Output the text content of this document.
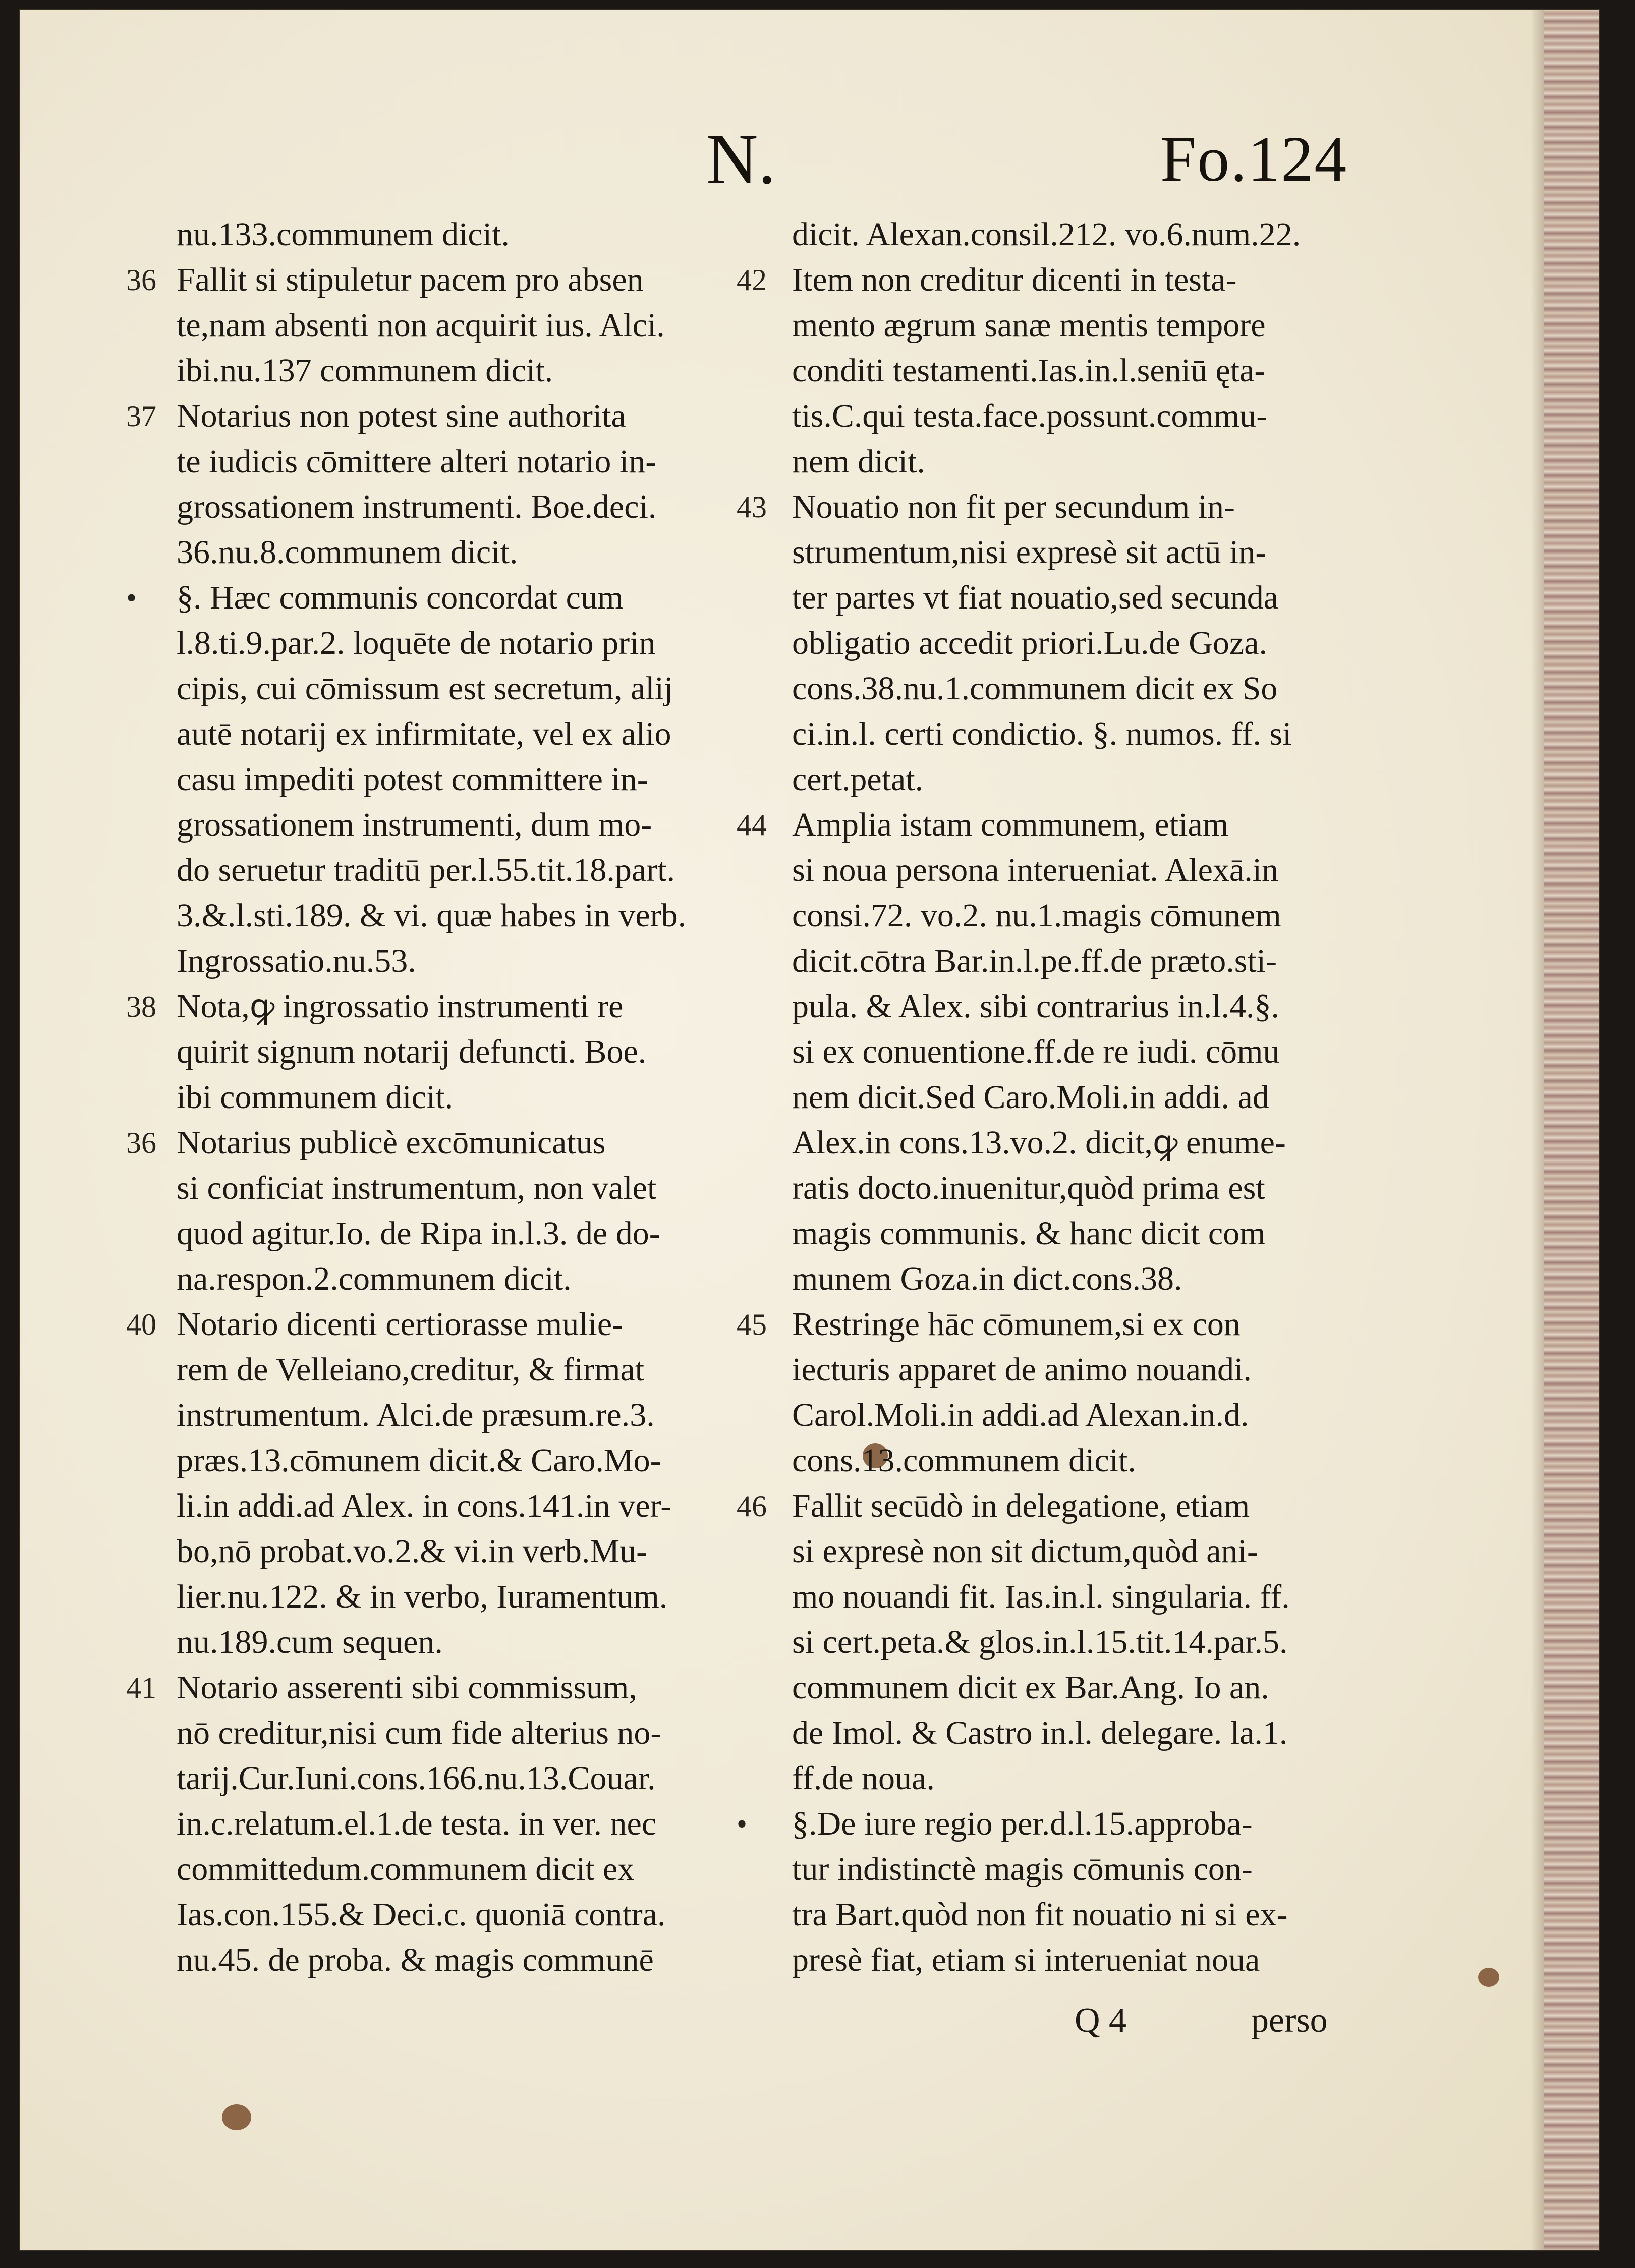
N.	Fo.124
nu.133.communem dicit.
36 Fallit si stipuletur pacem pro absen
te,nam absenti non acquirit ius. Alci.
ibi.nu.137 communem dicit.
37 Notarius non potest sine authorita
te iudicis cōmittere alteri notario in-
grossationem instrumenti. Boe.deci.
36.nu.8.communem dicit.
•	§. Hæc communis concordat cum
l.8.ti.9.par.2. loquēte de notario prin
cipis, cui cōmissum est secretum, alij
autē notarij ex infirmitate, vel ex alio
casu impediti potest committere in-
grossationem instrumenti, dum mo-
do seruetur traditū per.l.55.tit.18.part.
3.&.l.sti.189. & vi. quæ habes in verb.
Ingrossatio.nu.53.
38 Nota,ꝙ ingrossatio instrumenti re
quirit signum notarij defuncti. Boe.
ibi communem dicit.
36 Notarius publicè excōmunicatus
si conficiat instrumentum, non valet
quod agitur.Io. de Ripa in.l.3. de do-
na.respon.2.communem dicit.
40 Notario dicenti certiorasse mulie-
rem de Velleiano,creditur, & firmat
instrumentum. Alci.de præsum.re.3.
præs.13.cōmunem dicit.& Caro.Mo-
li.in addi.ad Alex. in cons.141.in ver-
bo,nō probat.vo.2.& vi.in verb.Mu-
lier.nu.122. & in verbo, Iuramentum.
nu.189.cum sequen.
41 Notario asserenti sibi commissum,
nō creditur,nisi cum fide alterius no-
tarij.Cur.Iuni.cons.166.nu.13.Couar.
in.c.relatum.el.1.de testa. in ver. nec
committedum.communem dicit ex
Ias.con.155.& Deci.c. quoniā contra.
nu.45. de proba. & magis communē
dicit. Alexan.consil.212. vo.6.num.22.
42 Item non creditur dicenti in testa-
mento ægrum sanæ mentis tempore
conditi testamenti.Ias.in.l.seniū ęta-
tis.C.qui testa.face.possunt.commu-
nem dicit.
43 Nouatio non fit per secundum in-
strumentum,nisi expresè sit actū in-
ter partes vt fiat nouatio,sed secunda
obligatio accedit priori.Lu.de Goza.
cons.38.nu.1.communem dicit ex So
ci.in.l. certi condictio. §. numos. ff. si
cert.petat.
44 Amplia istam communem, etiam
si noua persona interueniat. Alexā.in
consi.72. vo.2. nu.1.magis cōmunem
dicit.cōtra Bar.in.l.pe.ff.de præto.sti-
pula. & Alex. sibi contrarius in.l.4.§.
si ex conuentione.ff.de re iudi. cōmu
nem dicit.Sed Caro.Moli.in addi. ad
Alex.in cons.13.vo.2. dicit,ꝙ enume-
ratis docto.inuenitur,quòd prima est
magis communis. & hanc dicit com
munem Goza.in dict.cons.38.
45 Restringe hāc cōmunem,si ex con
iecturis apparet de animo nouandi.
Carol.Moli.in addi.ad Alexan.in.d.
cons.13.communem dicit.
46 Fallit secūdò in delegatione, etiam
si expresè non sit dictum,quòd ani-
mo nouandi fit. Ias.in.l. singularia. ff.
si cert.peta.& glos.in.l.15.tit.14.par.5.
communem dicit ex Bar.Ang. Io an.
de Imol. & Castro in.l. delegare. la.1.
ff.de noua.
•	§.De iure regio per.d.l.15.approba-
tur indistinctè magis cōmunis con-
tra Bart.quòd non fit nouatio ni si ex-
presè fiat, etiam si interueniat noua
Q 4	perso
